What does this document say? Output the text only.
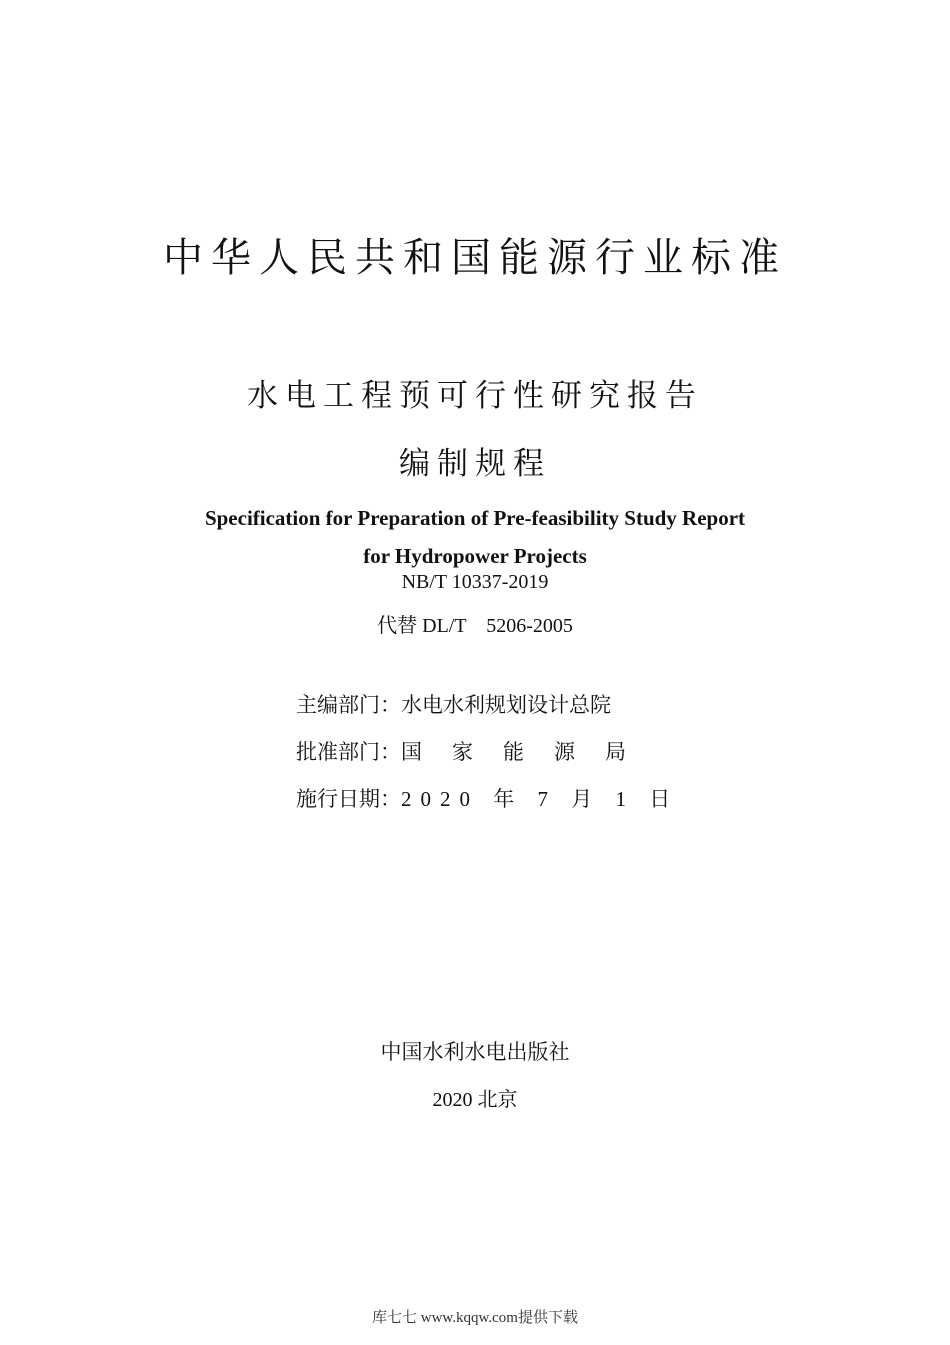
中华人民共和国能源行业标准
水电工程预可行性研究报告
编制规程
Specification for Preparation of Pre-feasibility Study Report
for Hydropower Projects
NB/T 10337-2019
代替 DL/T　5206-2005
主编部门：水电水利规划设计总院
批准部门：国家能源局
施行日期：2020 年 7 月 1 日
中国水利水电出版社
2020 北京
库七七 www.kqqw.com提供下载
